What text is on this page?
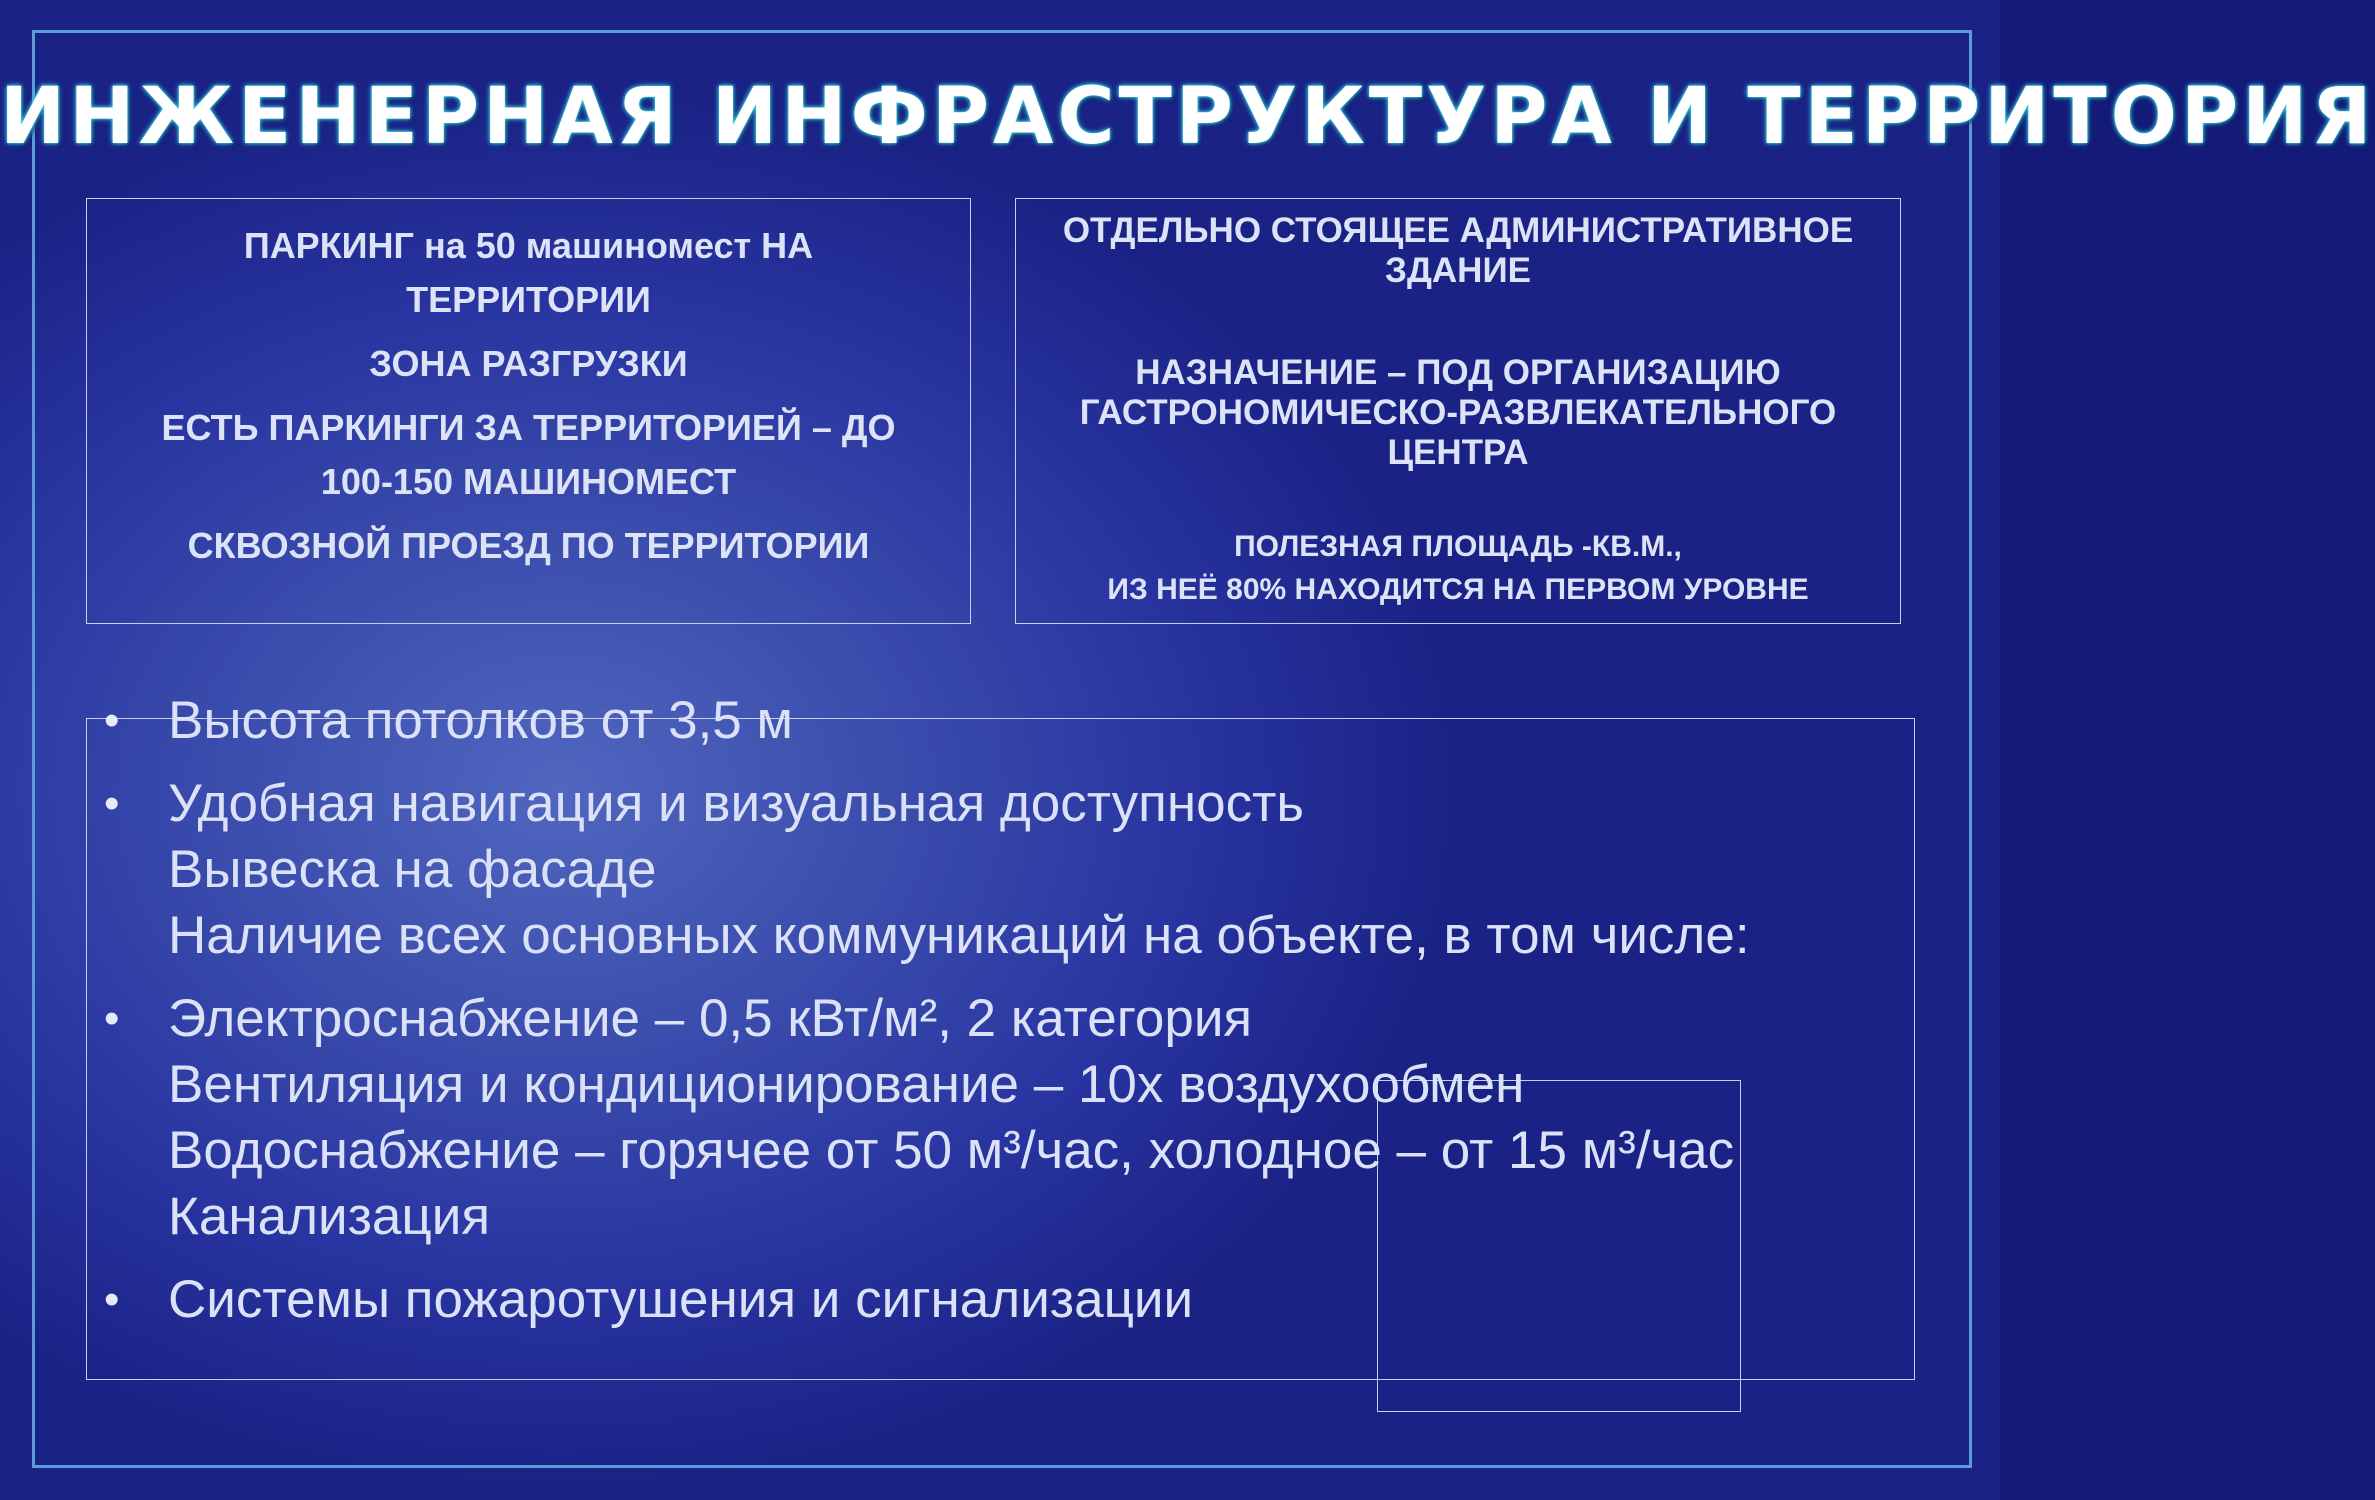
ИНЖЕНЕРНАЯ ИНФРАСТРУКТУРА И ТЕРРИТОРИЯ

ПАРКИНГ на 50 машиномест НА ТЕРРИТОРИИ

ЗОНА РАЗГРУЗКИ

ЕСТЬ ПАРКИНГИ ЗА ТЕРРИТОРИЕЙ – ДО 100-150 МАШИНОМЕСТ

СКВОЗНОЙ ПРОЕЗД ПО ТЕРРИТОРИИ

ОТДЕЛЬНО СТОЯЩЕЕ АДМИНИСТРАТИВНОЕ ЗДАНИЕ

НАЗНАЧЕНИЕ – ПОД ОРГАНИЗАЦИЮ ГАСТРОНОМИЧЕСКО-РАЗВЛЕКАТЕЛЬНОГО ЦЕНТРА

ПОЛЕЗНАЯ ПЛОЩАДЬ -КВ.М.,

ИЗ НЕЁ 80% НАХОДИТСЯ НА ПЕРВОМ УРОВНЕ

• Высота потолков от 3,5 м
• Удобная навигация и визуальная доступность
Вывеска на фасаде
Наличие всех основных коммуникаций на объекте, в том числе:
• Электроснабжение – 0,5 кВт/м², 2 категория
Вентиляция и кондиционирование – 10х воздухообмен
Водоснабжение – горячее от 50 м³/час, холодное – от 15 м³/час
Канализация
• Системы пожаротушения и сигнализации
